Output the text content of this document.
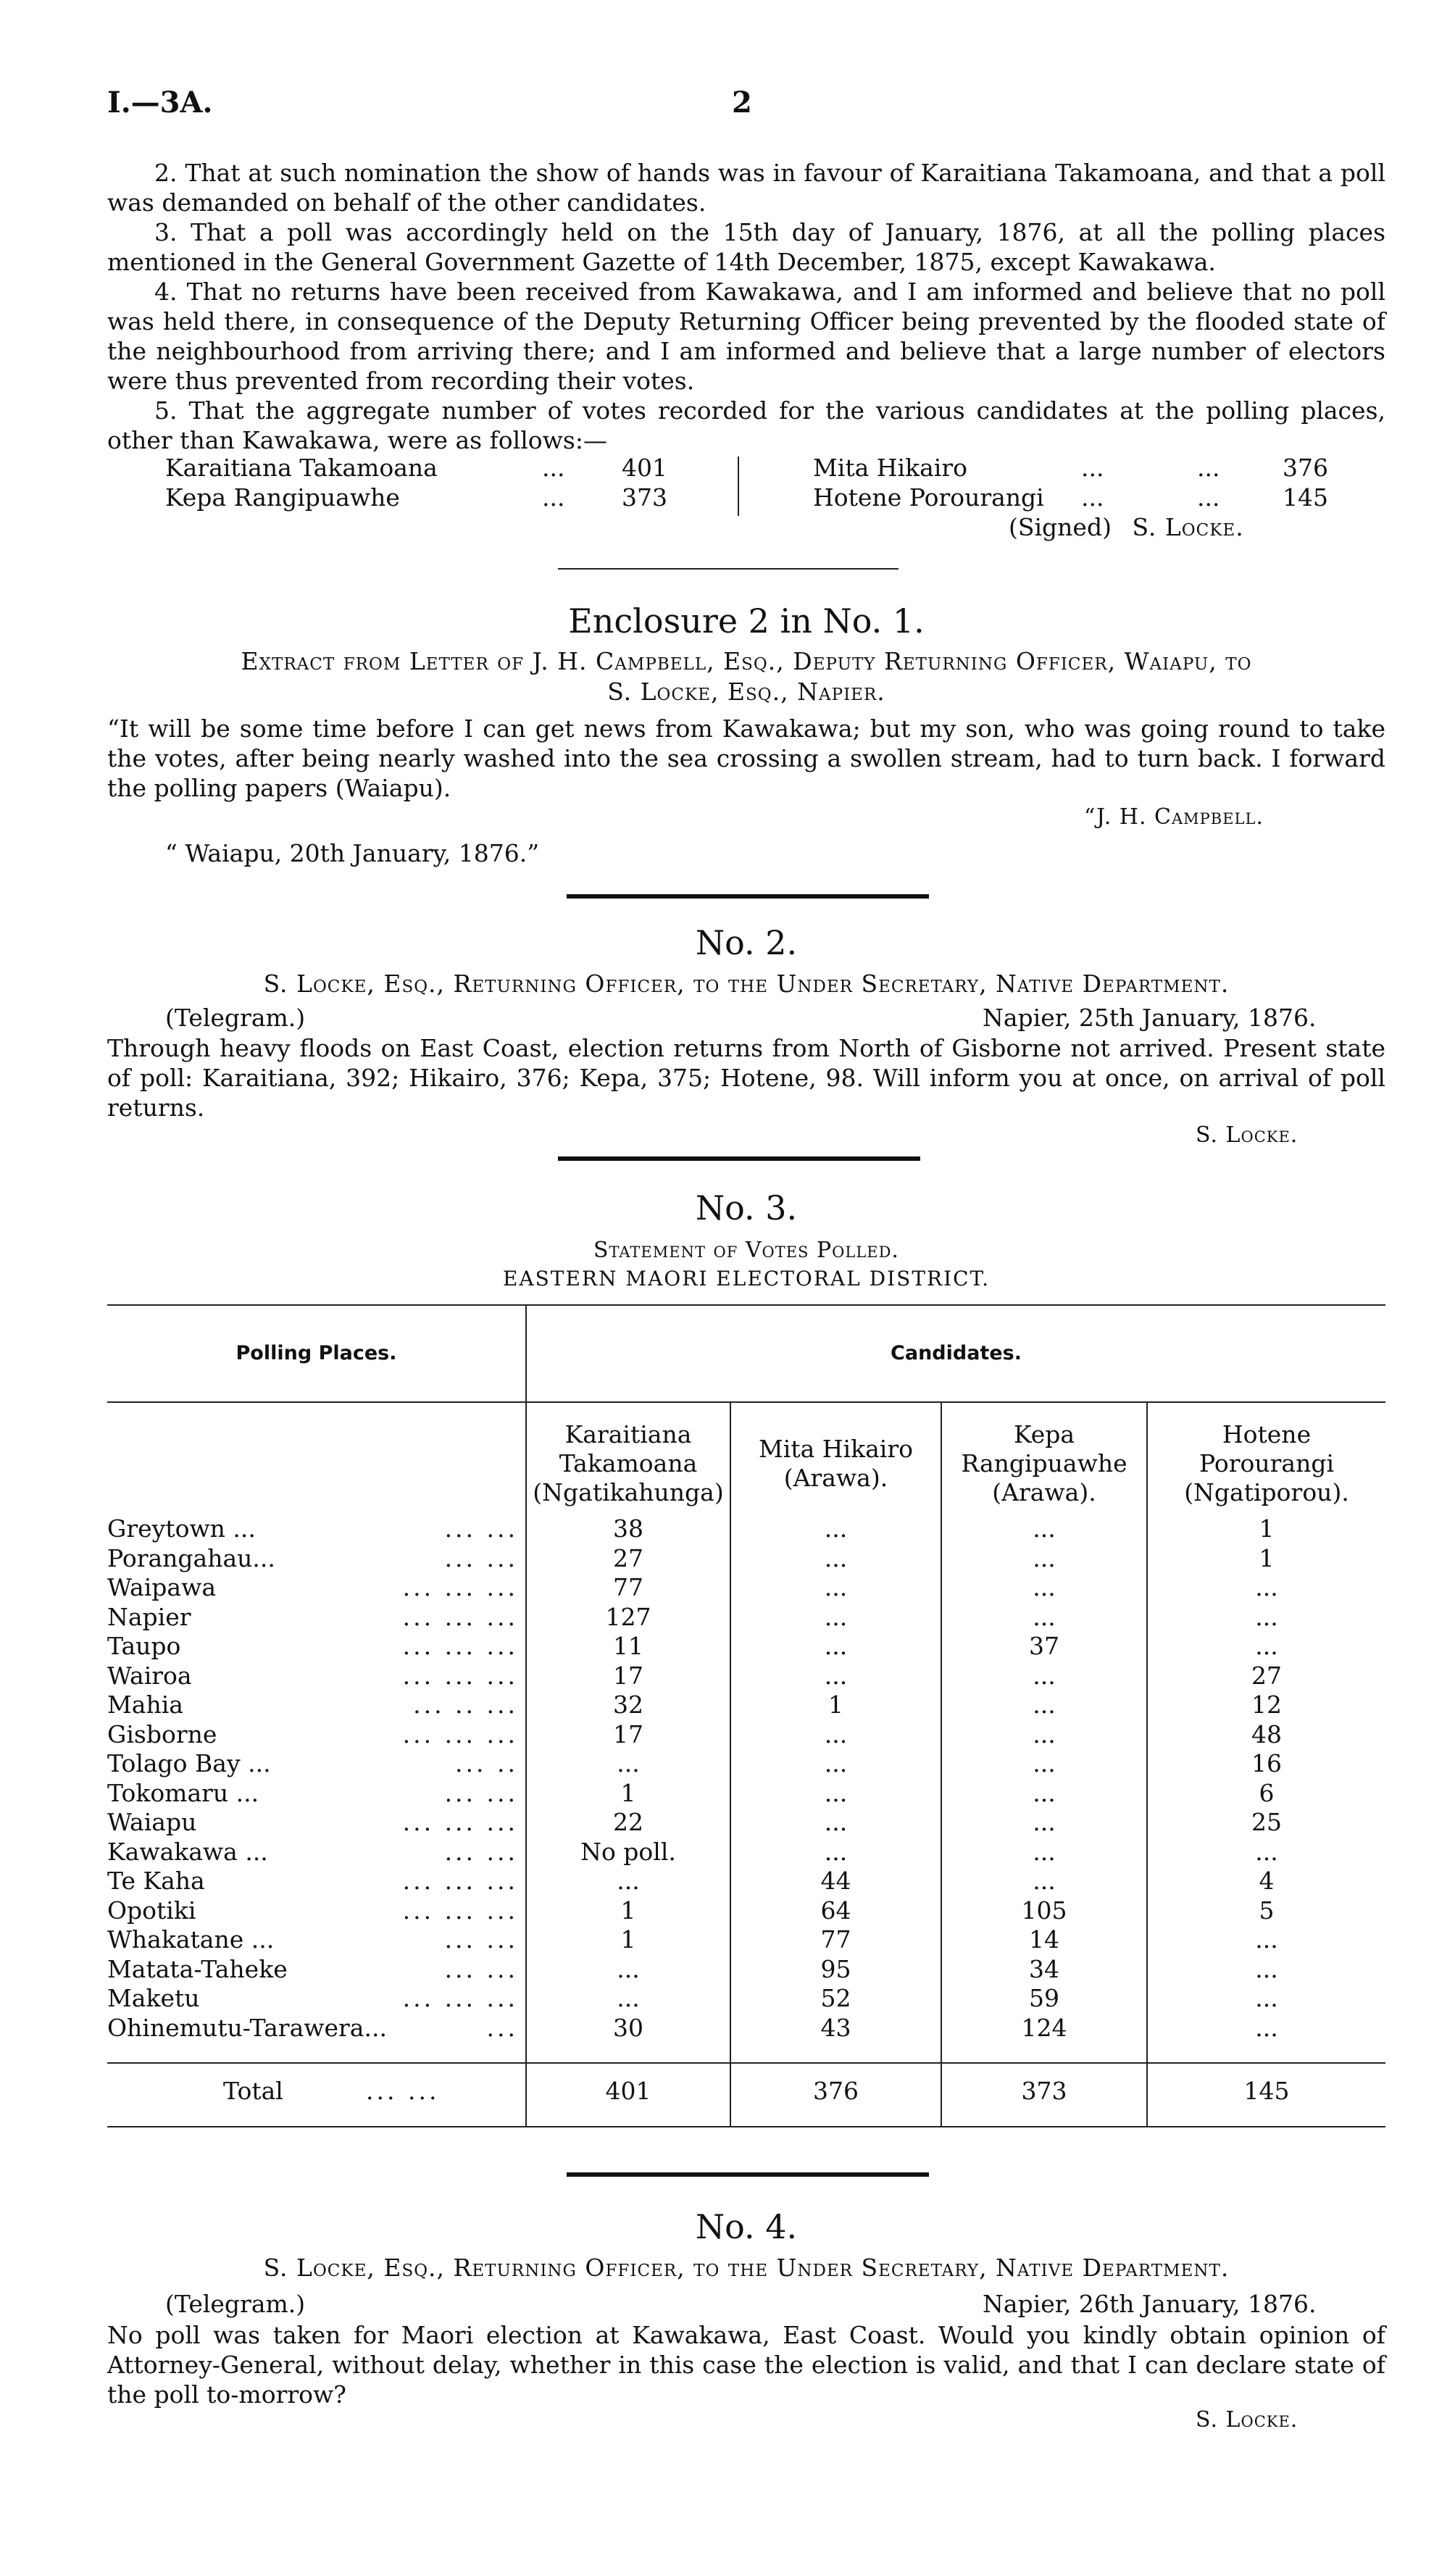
I.—3A.	2
2. That at such nomination the show of hands was in favour of Karaitiana Takamoana, and that a poll was demanded on behalf of the other candidates.
3. That a poll was accordingly held on the 15th day of January, 1876, at all the polling places mentioned in the General Government Gazette of 14th December, 1875, except Kawakawa.
4. That no returns have been received from Kawakawa, and I am informed and believe that no poll was held there, in consequence of the Deputy Returning Officer being prevented by the flooded state of the neighbourhood from arriving there; and I am informed and believe that a large number of electors were thus prevented from recording their votes.
5. That the aggregate number of votes recorded for the various candidates at the polling places, other than Kawakawa, were as follows:—
Karaitiana Takamoana	... 401
Kepa Rangipuawhe	... 373
Mita Hikairo	...	...	376
Hotene Porourangi ...	...	145
(Signed) S. Locke.
Enclosure 2 in No. 1.
Extract from Letter of J. H. Campbell, Esq., Deputy Returning Officer, Waiapu, to
S. Locke, Esq., Napier.
“It will be some time before I can get news from Kawakawa; but my son, who was going round to take the votes, after being nearly washed into the sea crossing a swollen stream, had to turn back. I forward the polling papers (Waiapu).
“J. H. Campbell.
“ Waiapu, 20th January, 1876.”
No. 2.
S. Locke, Esq., Returning Officer, to the Under Secretary, Native Department.
(Telegram.)	Napier, 25th January, 1876.
Through heavy floods on East Coast, election returns from North of Gisborne not arrived. Present state of poll: Karaitiana, 392; Hikairo, 376; Kepa, 375; Hotene, 98. Will inform you at once, on arrival of poll returns.
S. Locke.
No. 3.
Statement of Votes Polled.
EASTERN MAORI ELECTORAL DISTRICT.
Polling Places.	Candidates.
Karaitiana
Takamoana
(Ngatikahunga)
Mita Hikairo
(Arawa).
Kepa
Rangipuawhe
(Arawa).
Hotene
Porourangi
(Ngatiporou).
Greytown ...	... ...	38	...	...	1
Porangahau...	... ...	27	...	...	1
Waipawa	... ... ...	77	...	...	...
Napier	... ... ...	127	...	...	...
Taupo	... ... ...	11	...	37	...
Wairoa	... ... ...	17	...	...	27
Mahia	... .. ...	32	1	...	12
Gisborne	... ... ...	17	...	...	48
Tolago Bay ...	... ..	...	...	...	16
Tokomaru ...	... ...	1	...	...	6
Waiapu	... ... ...	22	...	...	25
Kawakawa ...	... ...	No poll.	...	...	...
Te Kaha	... ... ...	...	44	...	4
Opotiki	... ... ...	1	64	105	5
Whakatane ...	... ...	1	77	14	...
Matata-Taheke	... ...	...	95	34	...
Maketu	... ... ...	...	52	59	...
Ohinemutu-Tarawera...	...	30	43	124	...
Total	... ...	401	376	373	145
No. 4.
S. Locke, Esq., Returning Officer, to the Under Secretary, Native Department.
(Telegram.)	Napier, 26th January, 1876.
No poll was taken for Maori election at Kawakawa, East Coast. Would you kindly obtain opinion of Attorney-General, without delay, whether in this case the election is valid, and that I can declare state of the poll to-morrow?
S. Locke.
